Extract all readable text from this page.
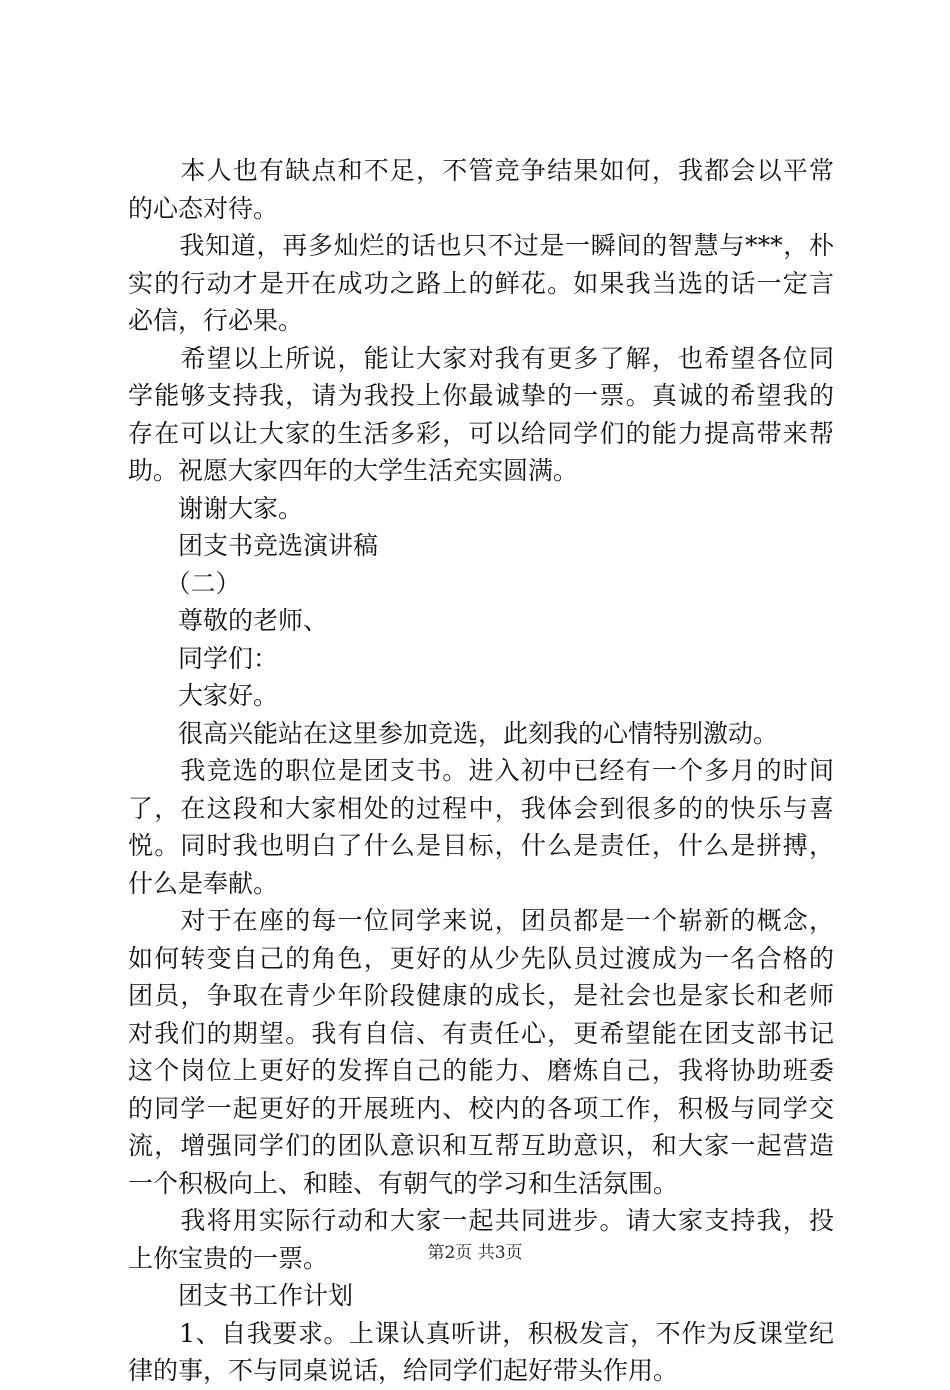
　　本人也有缺点和不足，不管竞争结果如何，我都会以平常
的心态对待。
　　我知道，再多灿烂的话也只不过是一瞬间的智慧与***，朴
实的行动才是开在成功之路上的鲜花。如果我当选的话一定言
必信，行必果。
　　希望以上所说，能让大家对我有更多了解，也希望各位同
学能够支持我，请为我投上你最诚挚的一票。真诚的希望我的
存在可以让大家的生活多彩，可以给同学们的能力提高带来帮
助。祝愿大家四年的大学生活充实圆满。
　　谢谢大家。
　　团支书竞选演讲稿
　　（二）
　　尊敬的老师、
　　同学们：
　　大家好。
　　很高兴能站在这里参加竞选，此刻我的心情特别激动。
　　我竞选的职位是团支书。进入初中已经有一个多月的时间
了，在这段和大家相处的过程中，我体会到很多的的快乐与喜
悦。同时我也明白了什么是目标，什么是责任，什么是拼搏，
什么是奉献。
　　对于在座的每一位同学来说，团员都是一个崭新的概念，
如何转变自己的角色，更好的从少先队员过渡成为一名合格的
团员，争取在青少年阶段健康的成长，是社会也是家长和老师
对我们的期望。我有自信、有责任心，更希望能在团支部书记
这个岗位上更好的发挥自己的能力、磨炼自己，我将协助班委
的同学一起更好的开展班内、校内的各项工作，积极与同学交
流，增强同学们的团队意识和互帮互助意识，和大家一起营造
一个积极向上、和睦、有朝气的学习和生活氛围。
　　我将用实际行动和大家一起共同进步。请大家支持我，投
上你宝贵的一票。
　　团支书工作计划
　　1、自我要求。上课认真听讲，积极发言，不作为反课堂纪
律的事，不与同桌说话，给同学们起好带头作用。
第2页 共3页
